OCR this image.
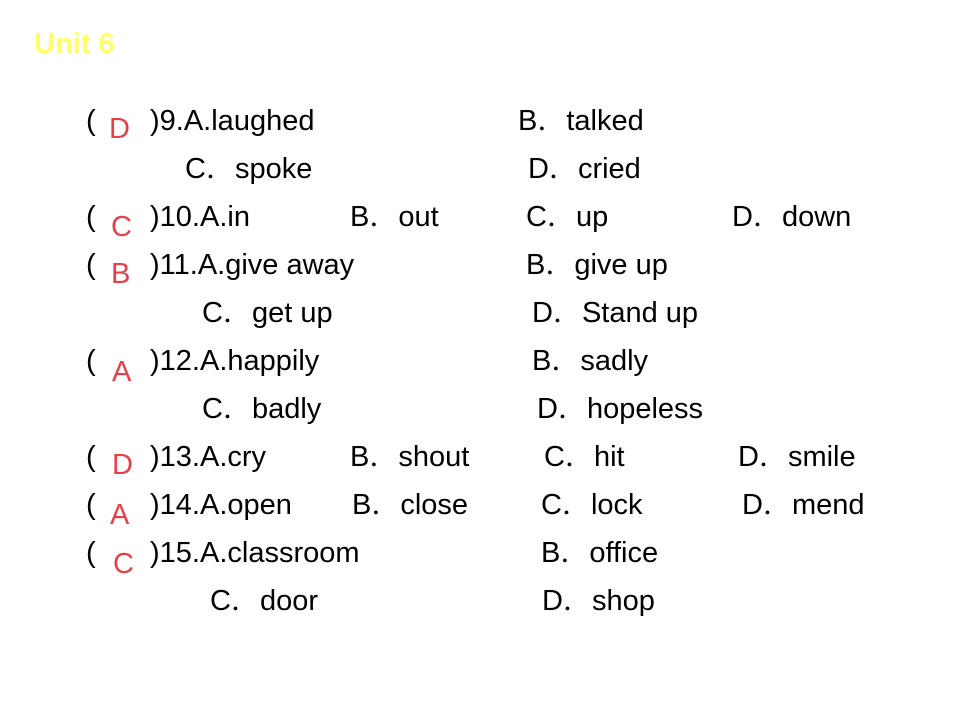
Unit 6
( D )9.A.laughed	B．talked
C．spoke	D．cried
( C )10.A.in	B．out	C．up	D．down
( B )11.A.give away	B．give up
C．get up	D．Stand up
( A )12.A.happily	B．sadly
C．badly	D．hopeless
( D )13.A.cry	B．shout	C．hit	D．smile
( A )14.A.open B．close	C．lock	D．mend
( C )15.A.classroom	B．office
C．door	D．shop
